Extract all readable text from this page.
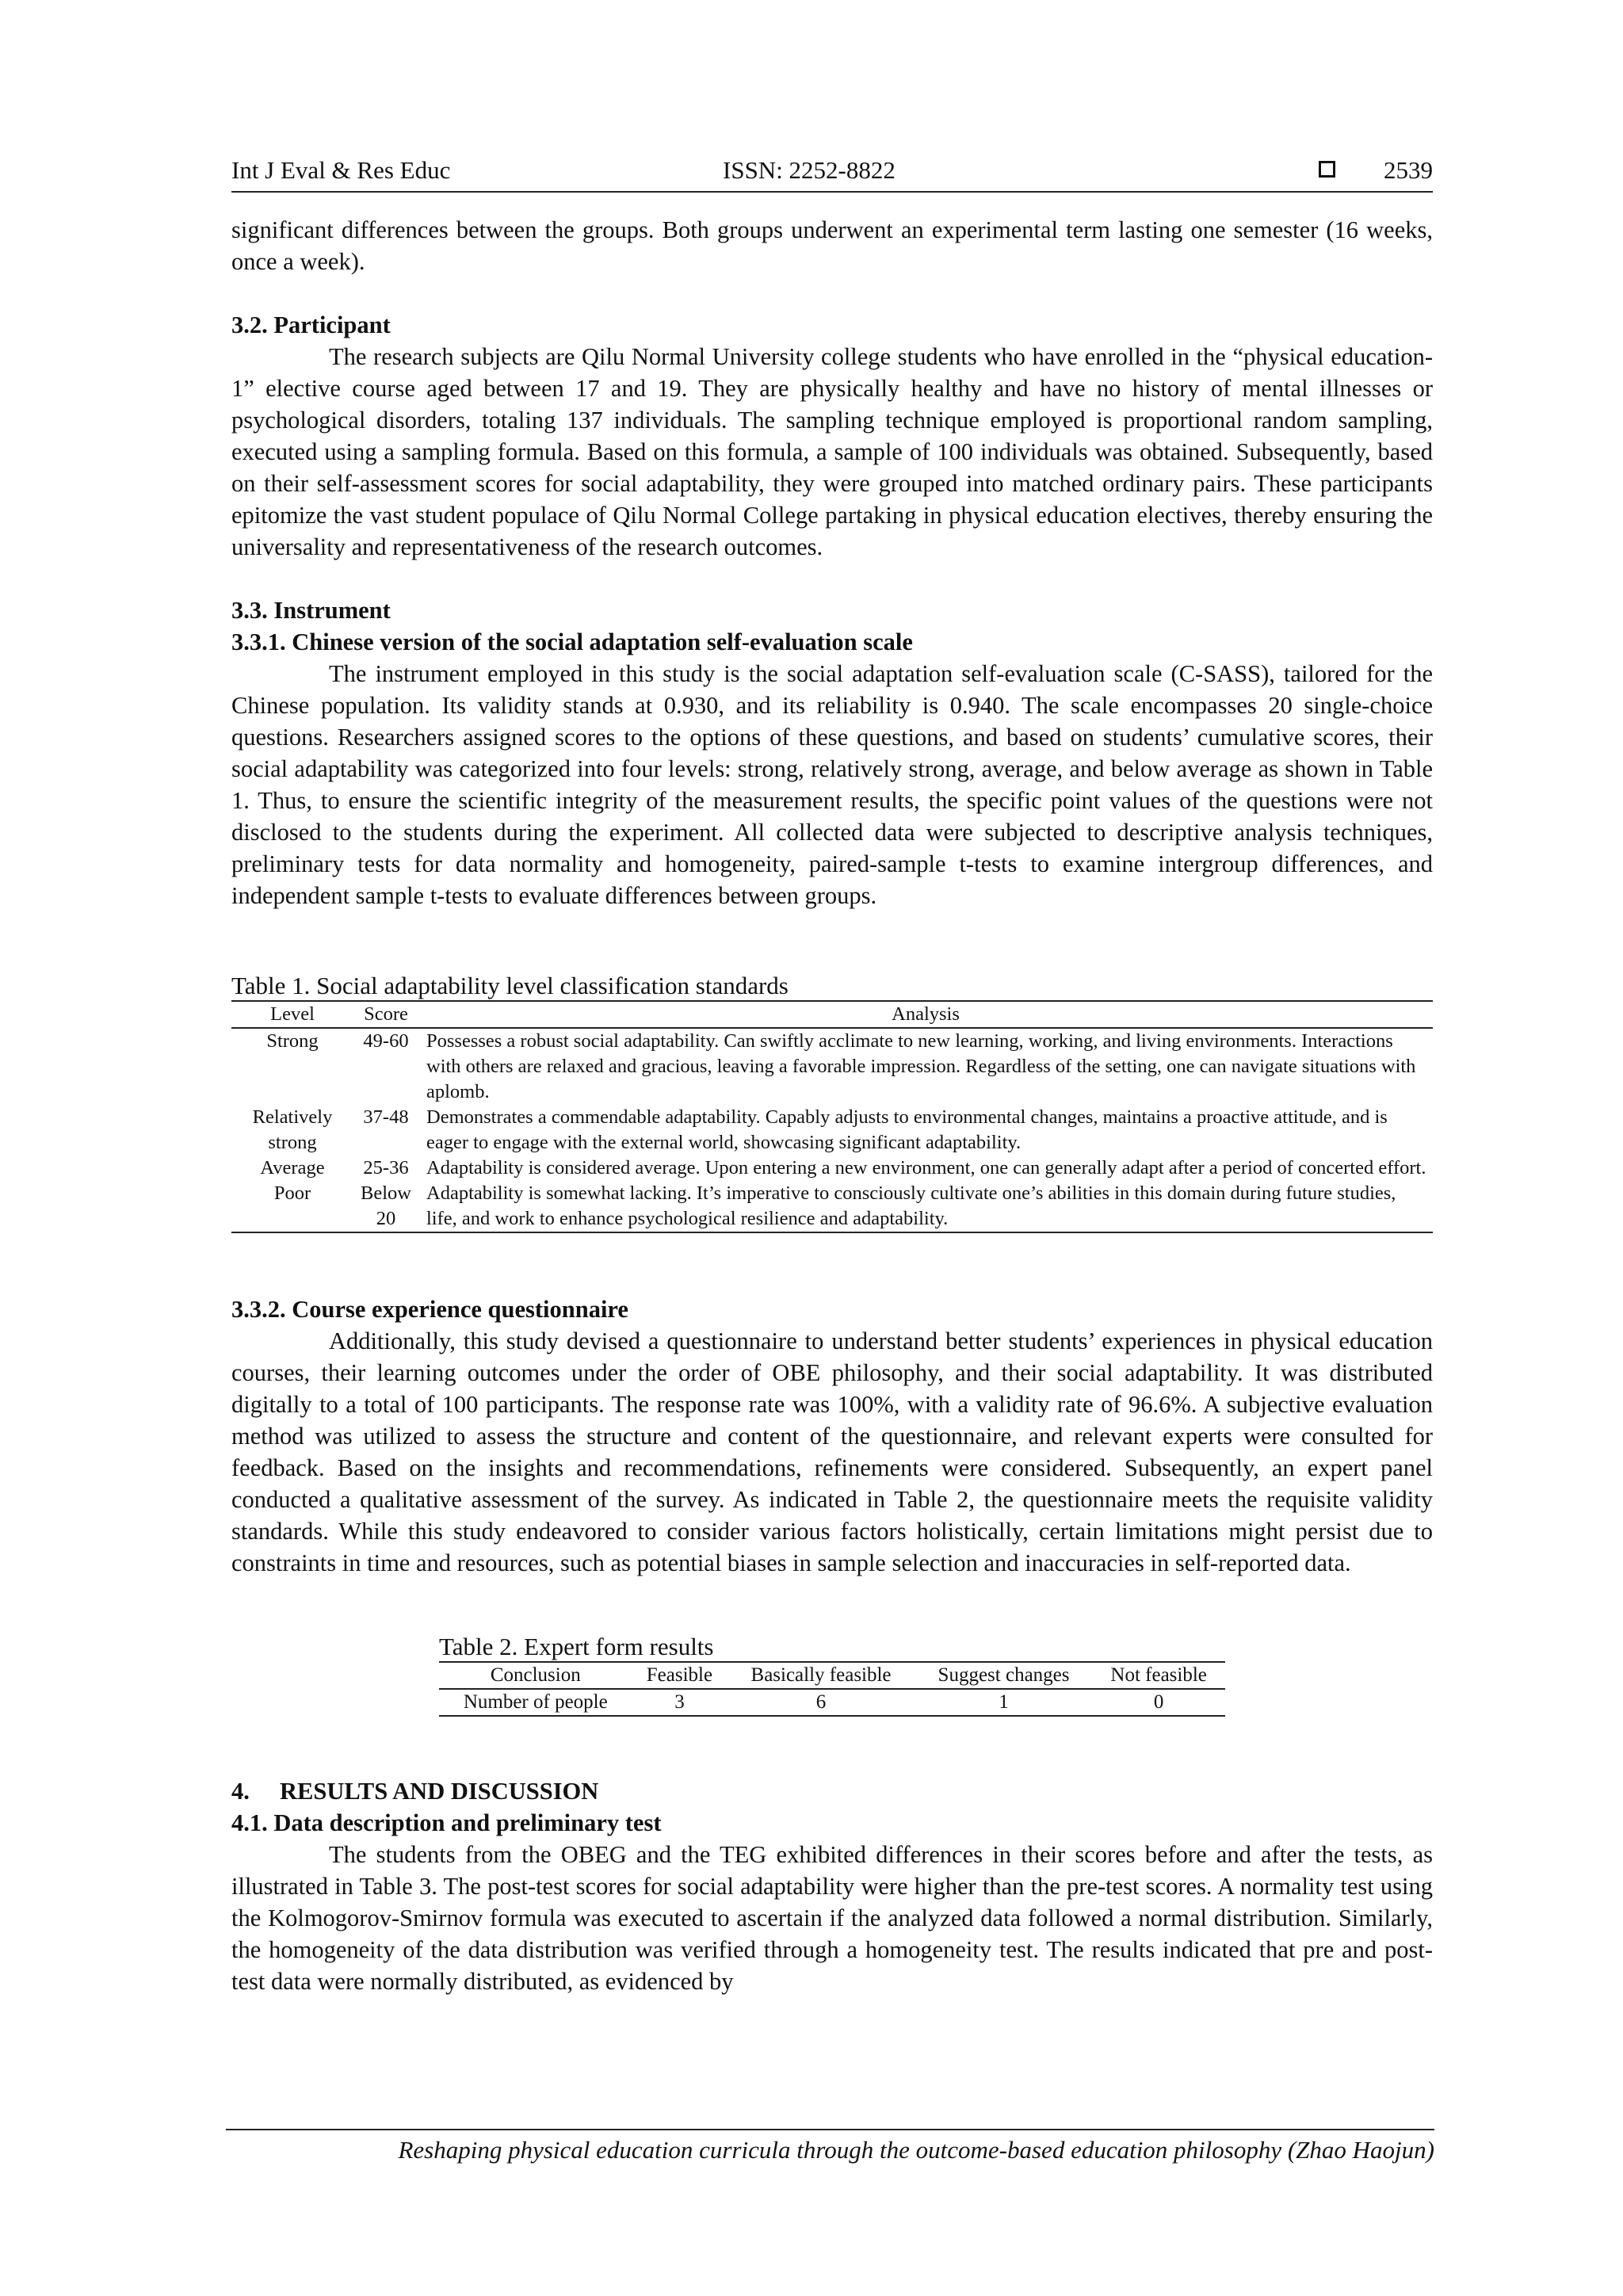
Int J Eval & Res Educ	ISSN: 2252-8822	2539

significant differences between the groups. Both groups underwent an experimental term lasting one semester (16 weeks, once a week).

3.2. Participant

The research subjects are Qilu Normal University college students who have enrolled in the “physical education-1” elective course aged between 17 and 19. They are physically healthy and have no history of mental illnesses or psychological disorders, totaling 137 individuals. The sampling technique employed is proportional random sampling, executed using a sampling formula. Based on this formula, a sample of 100 individuals was obtained. Subsequently, based on their self-assessment scores for social adaptability, they were grouped into matched ordinary pairs. These participants epitomize the vast student populace of Qilu Normal College partaking in physical education electives, thereby ensuring the universality and representativeness of the research outcomes.

3.3. Instrument

3.3.1. Chinese version of the social adaptation self-evaluation scale

The instrument employed in this study is the social adaptation self-evaluation scale (C-SASS), tailored for the Chinese population. Its validity stands at 0.930, and its reliability is 0.940. The scale encompasses 20 single-choice questions. Researchers assigned scores to the options of these questions, and based on students’ cumulative scores, their social adaptability was categorized into four levels: strong, relatively strong, average, and below average as shown in Table 1. Thus, to ensure the scientific integrity of the measurement results, the specific point values of the questions were not disclosed to the students during the experiment. All collected data were subjected to descriptive analysis techniques, preliminary tests for data normality and homogeneity, paired-sample t-tests to examine intergroup differences, and independent sample t-tests to evaluate differences between groups.

Table 1. Social adaptability level classification standards

Level	Score	Analysis
Strong	49-60	Possesses a robust social adaptability. Can swiftly acclimate to new learning, working, and living environments. Interactions with others are relaxed and gracious, leaving a favorable impression. Regardless of the setting, one can navigate situations with aplomb.
Relatively strong	37-48	Demonstrates a commendable adaptability. Capably adjusts to environmental changes, maintains a proactive attitude, and is eager to engage with the external world, showcasing significant adaptability.
Average	25-36	Adaptability is considered average. Upon entering a new environment, one can generally adapt after a period of concerted effort.
Poor	Below 20	Adaptability is somewhat lacking. It’s imperative to consciously cultivate one’s abilities in this domain during future studies, life, and work to enhance psychological resilience and adaptability.

3.3.2. Course experience questionnaire

Additionally, this study devised a questionnaire to understand better students’ experiences in physical education courses, their learning outcomes under the order of OBE philosophy, and their social adaptability. It was distributed digitally to a total of 100 participants. The response rate was 100%, with a validity rate of 96.6%. A subjective evaluation method was utilized to assess the structure and content of the questionnaire, and relevant experts were consulted for feedback. Based on the insights and recommendations, refinements were considered. Subsequently, an expert panel conducted a qualitative assessment of the survey. As indicated in Table 2, the questionnaire meets the requisite validity standards. While this study endeavored to consider various factors holistically, certain limitations might persist due to constraints in time and resources, such as potential biases in sample selection and inaccuracies in self-reported data.

Table 2. Expert form results

Conclusion	Feasible	Basically feasible	Suggest changes	Not feasible
Number of people	3	6	1	0

4.     RESULTS AND DISCUSSION

4.1. Data description and preliminary test

The students from the OBEG and the TEG exhibited differences in their scores before and after the tests, as illustrated in Table 3. The post-test scores for social adaptability were higher than the pre-test scores. A normality test using the Kolmogorov-Smirnov formula was executed to ascertain if the analyzed data followed a normal distribution. Similarly, the homogeneity of the data distribution was verified through a homogeneity test. The results indicated that pre and post-test data were normally distributed, as evidenced by

Reshaping physical education curricula through the outcome-based education philosophy (Zhao Haojun)
